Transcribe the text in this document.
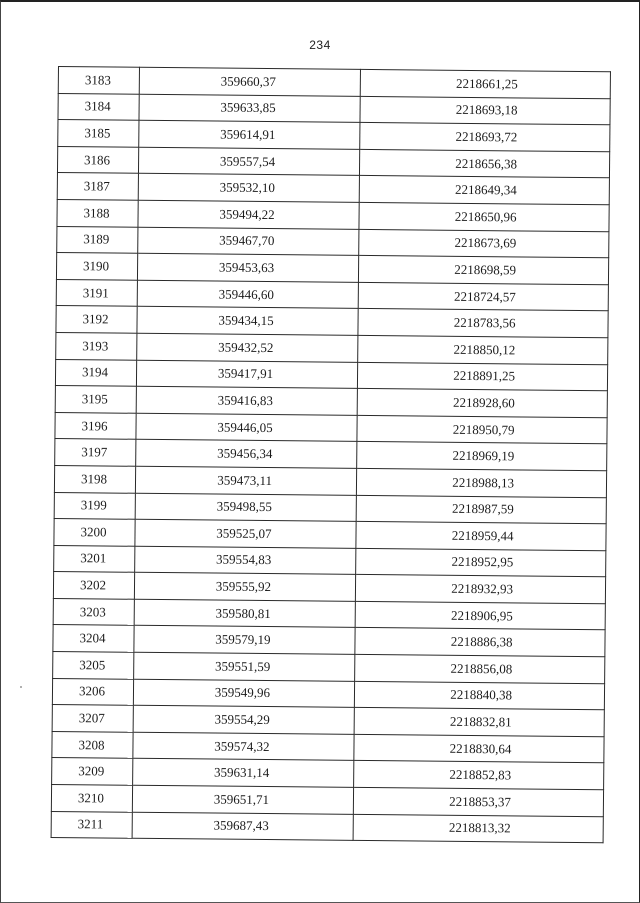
234
3183	359660,37	2218661,25
3184	359633,85	2218693,18
3185	359614,91	2218693,72
3186	359557,54	2218656,38
3187	359532,10	2218649,34
3188	359494,22	2218650,96
3189	359467,70	2218673,69
3190	359453,63	2218698,59
3191	359446,60	2218724,57
3192	359434,15	2218783,56
3193	359432,52	2218850,12
3194	359417,91	2218891,25
3195	359416,83	2218928,60
3196	359446,05	2218950,79
3197	359456,34	2218969,19
3198	359473,11	2218988,13
3199	359498,55	2218987,59
3200	359525,07	2218959,44
3201	359554,83	2218952,95
3202	359555,92	2218932,93
3203	359580,81	2218906,95
3204	359579,19	2218886,38
3205	359551,59	2218856,08
3206	359549,96	2218840,38
3207	359554,29	2218832,81
3208	359574,32	2218830,64
3209	359631,14	2218852,83
3210	359651,71	2218853,37
3211	359687,43	2218813,32
